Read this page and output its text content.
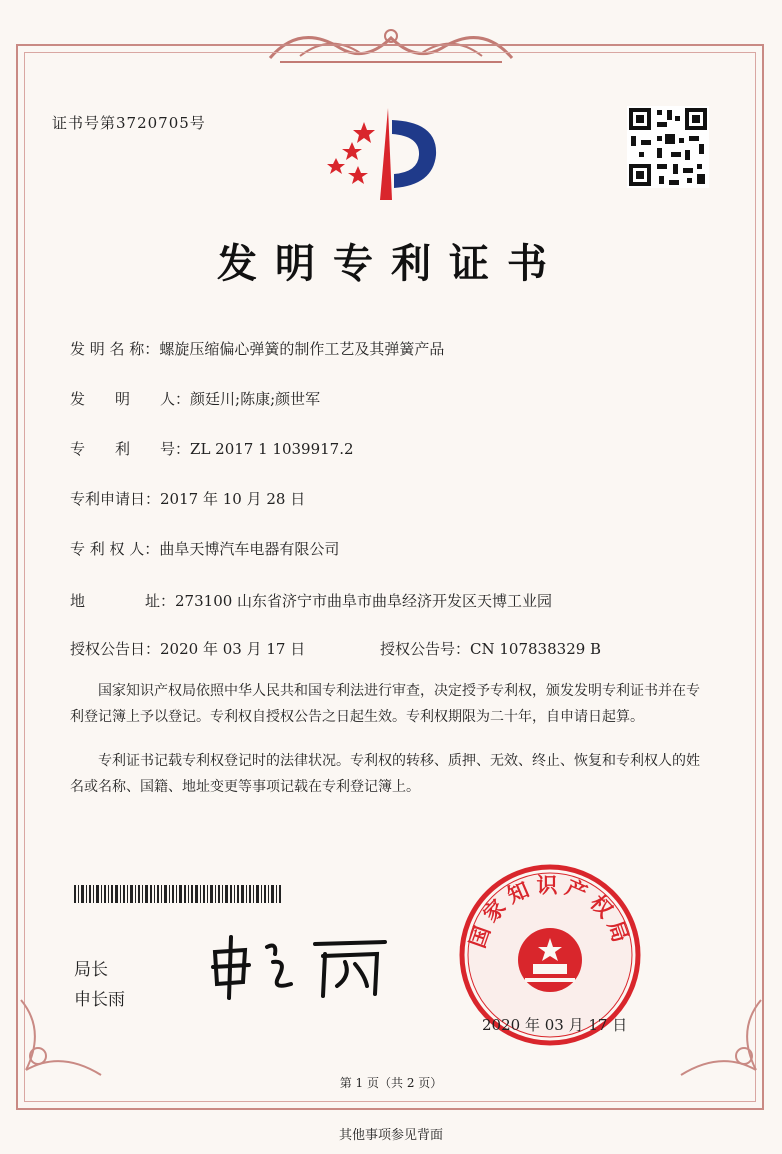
证书号第3720705号
发明专利证书
发 明 名 称：螺旋压缩偏心弹簧的制作工艺及其弹簧产品
发　　明　　人：颜廷川;陈康;颜世军
专　　利　　号：ZL 2017 1 1039917.2
专利申请日：2017 年 10 月 28 日
专 利 权 人：曲阜天博汽车电器有限公司
地　　　　址：273100 山东省济宁市曲阜市曲阜经济开发区天博工业园
授权公告日：2020 年 03 月 17 日	授权公告号：CN 107838329 B
国家知识产权局依照中华人民共和国专利法进行审查，决定授予专利权，颁发发明专利证书并在专利登记簿上予以登记。专利权自授权公告之日起生效。专利权期限为二十年，自申请日起算。
专利证书记载专利权登记时的法律状况。专利权的转移、质押、无效、终止、恢复和专利权人的姓名或名称、国籍、地址变更等事项记载在专利登记簿上。
局长
申长雨
国家知识产权局
2020 年 03 月 17 日
第 1 页（共 2 页）
其他事项参见背面
